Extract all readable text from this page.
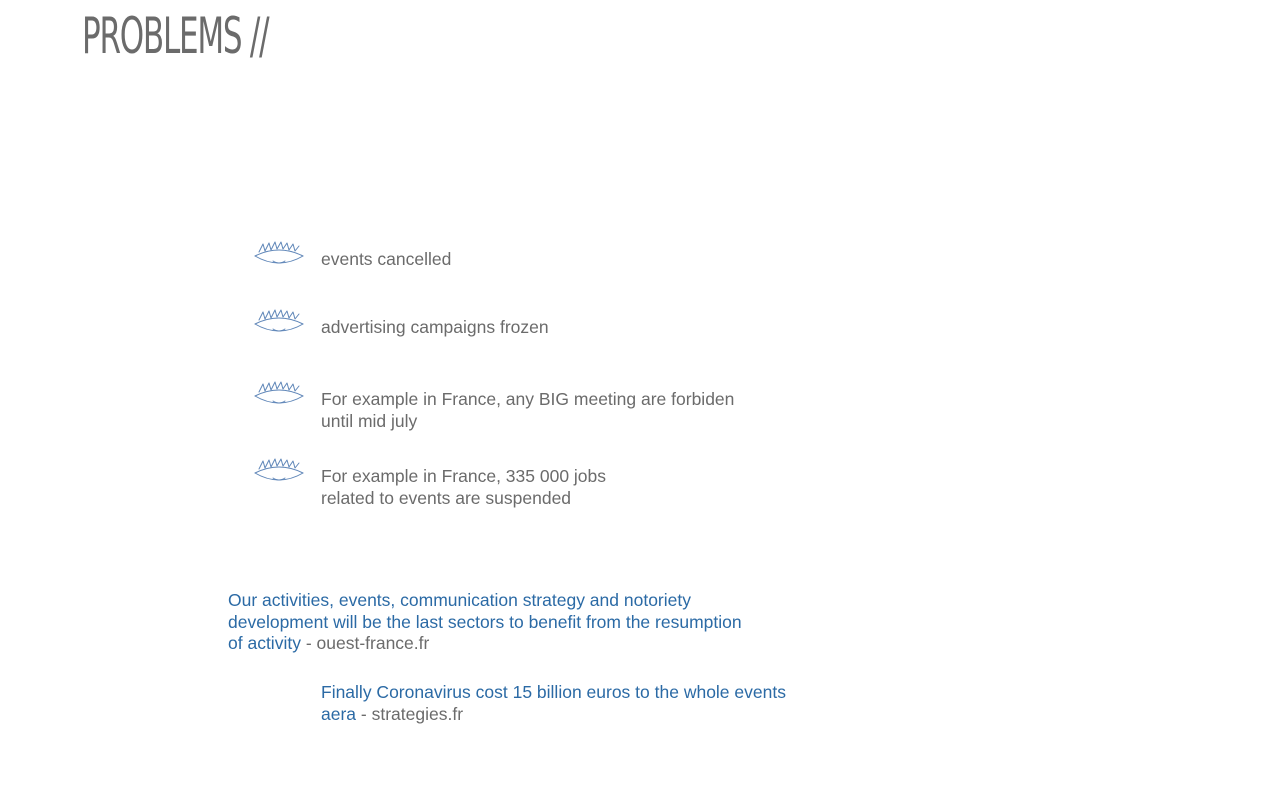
PROBLEMS //
events cancelled
advertising campaigns frozen
For example in France, any BIG meeting are forbiden until mid july
For example in France, 335 000 jobs related to events are suspended

Our activities, events, communication strategy and notoriety development will be the last sectors to benefit from the resumption of activity - ouest-france.fr

Finally Coronavirus cost 15 billion euros to the whole events aera - strategies.fr
